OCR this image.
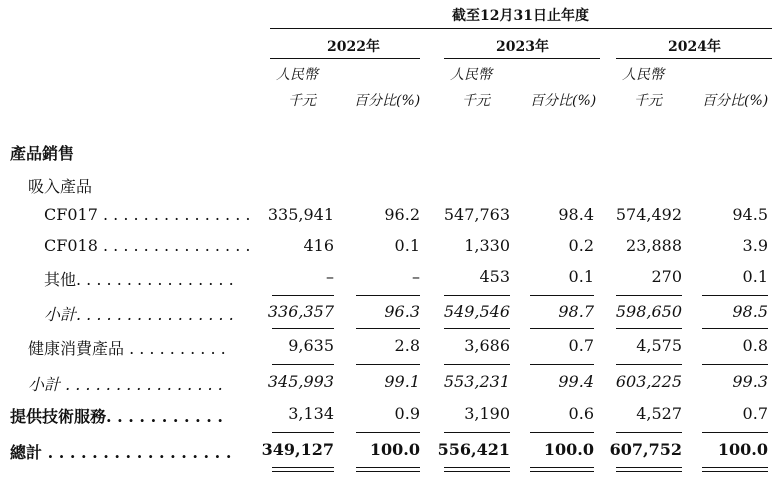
截至12月31日止年度
2022年	2023年	2024年
人民幣
千元	百分比(%)
人民幣
千元	百分比(%)
人民幣
千元	百分比(%)
產品銷售
吸入產品
CF017 . . . . . . . . . . . . . . . 335,941	96.2 547,763	98.4 574,492	94.5
CF018 . . . . . . . . . . . . . . .	416	0.1	1,330	0.2 23,888	3.9
其他. . . . . . . . . . . . . . . .	–	–	453	0.1	270	0.1
小計. . . . . . . . . . . . . . . . 336,357	96.3 549,546	98.7 598,650	98.5
健康消費產品 . . . . . . . . . .	9,635	2.8	3,686	0.7	4,575	0.8
小計 . . . . . . . . . . . . . . . .	345,993	99.1 553,231	99.4 603,225	99.3
提供技術服務. . . . . . . . . . .	3,134	0.9	3,190	0.6	4,527	0.7
總計 . . . . . . . . . . . . . . . . . 349,127 100.0 556,421 100.0 607,752 100.0
